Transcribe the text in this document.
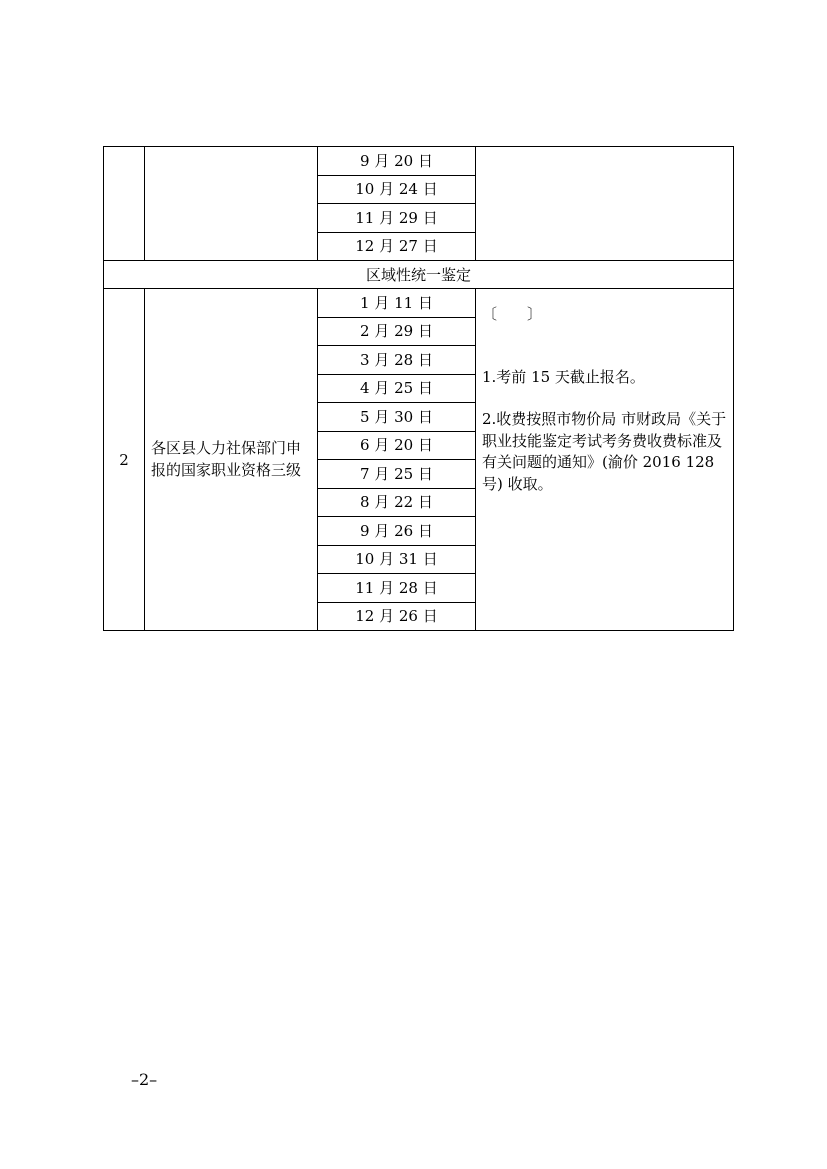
		9 月 20 日	
		10 月 24 日	
		11 月 29 日	
		12 月 27 日	
区域性统一鉴定			
2	各区县人力社保部门申报的国家职业资格三级	1 月 11 日	〔　　〕
1.考前 15 天截止报名。
2.收费按照市物价局 市财政局《关于职业技能鉴定考试考务费收费标准及有关问题的通知》(渝价 2016 128 号) 收取。

		2 月 29 日	
		3 月 28 日	
		4 月 25 日	
		5 月 30 日	
		6 月 20 日	
		7 月 25 日	
		8 月 22 日	
		9 月 26 日	
		10 月 31 日	
		11 月 28 日	
		12 月 26 日	
–2–
